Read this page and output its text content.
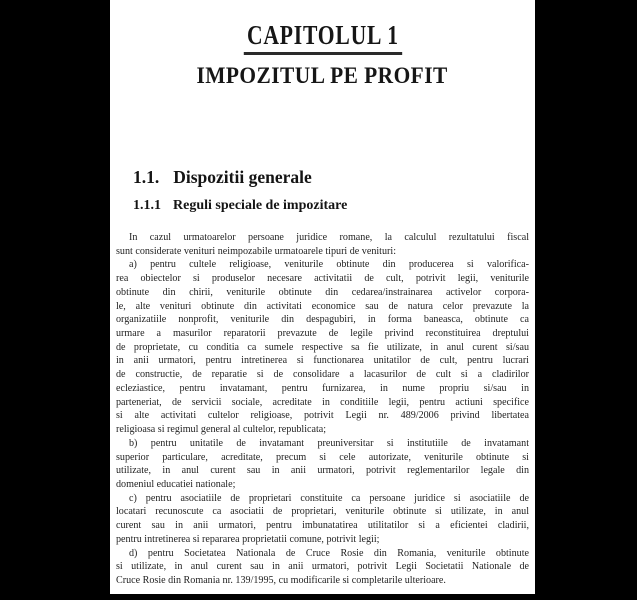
CAPITOLUL 1
IMPOZITUL PE PROFIT
1.1. Dispozitii generale
1.1.1 Reguli speciale de impozitare
In cazul urmatoarelor persoane juridice romane, la calculul rezultatului fiscal
sunt considerate venituri neimpozabile urmatoarele tipuri de venituri:
a) pentru cultele religioase, veniturile obtinute din producerea si valorifica-
rea obiectelor si produselor necesare activitatii de cult, potrivit legii, veniturile
obtinute din chirii, veniturile obtinute din cedarea/instrainarea activelor corpora-
le, alte venituri obtinute din activitati economice sau de natura celor prevazute la
organizatiile nonprofit, veniturile din despagubiri, in forma baneasca, obtinute ca
urmare a masurilor reparatorii prevazute de legile privind reconstituirea dreptului
de proprietate, cu conditia ca sumele respective sa fie utilizate, in anul curent si/sau
in anii urmatori, pentru intretinerea si functionarea unitatilor de cult, pentru lucrari
de constructie, de reparatie si de consolidare a lacasurilor de cult si a cladirilor
ecleziastice, pentru invatamant, pentru furnizarea, in nume propriu si/sau in
parteneriat, de servicii sociale, acreditate in conditiile legii, pentru actiuni specifice
si alte activitati cultelor religioase, potrivit Legii nr. 489/2006 privind libertatea
religioasa si regimul general al cultelor, republicata;
b) pentru unitatile de invatamant preuniversitar si institutiile de invatamant
superior particulare, acreditate, precum si cele autorizate, veniturile obtinute si
utilizate, in anul curent sau in anii urmatori, potrivit reglementarilor legale din
domeniul educatiei nationale;
c) pentru asociatiile de proprietari constituite ca persoane juridice si asociatiile de
locatari recunoscute ca asociatii de proprietari, veniturile obtinute si utilizate, in anul
curent sau in anii urmatori, pentru imbunatatirea utilitatilor si a eficientei cladirii,
pentru intretinerea si repararea proprietatii comune, potrivit legii;
d) pentru Societatea Nationala de Cruce Rosie din Romania, veniturile obtinute
si utilizate, in anul curent sau in anii urmatori, potrivit Legii Societatii Nationale de
Cruce Rosie din Romania nr. 139/1995, cu modificarile si completarile ulterioare.
